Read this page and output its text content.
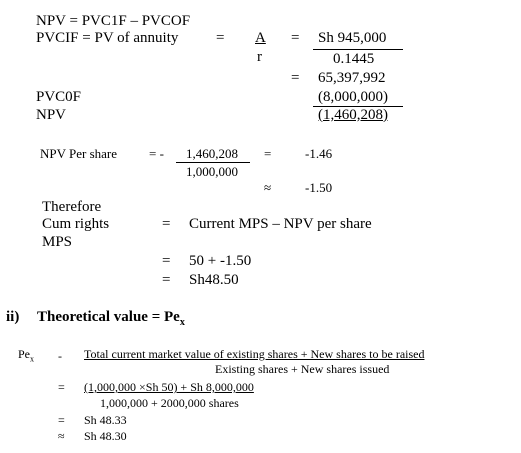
NPV = PVC1F – PVCOF
PVCIF = PV of annuity	= A
r
= Sh 945,000
0.1445
= 65,397,992
PVC0F	(8,000,000)
NPV	(1,460,208)
NPV Per share = - 1,460,208
1,000,000
=	-1.46
≈	-1.50
Therefore
Cum rights
MPS
= Current MPS – NPV per share
= 50 + -1.50
= Sh48.50
ii) Theoretical value = $Pe_x$
$Pe_x$ - Total current market value of existing shares + New shares to be raised
Existing shares + New shares issued
= (1,000,000 ×Sh 50) + Sh 8,000,000
1,000,000 + 2000,000 shares
= Sh 48.33
≈ Sh 48.30
